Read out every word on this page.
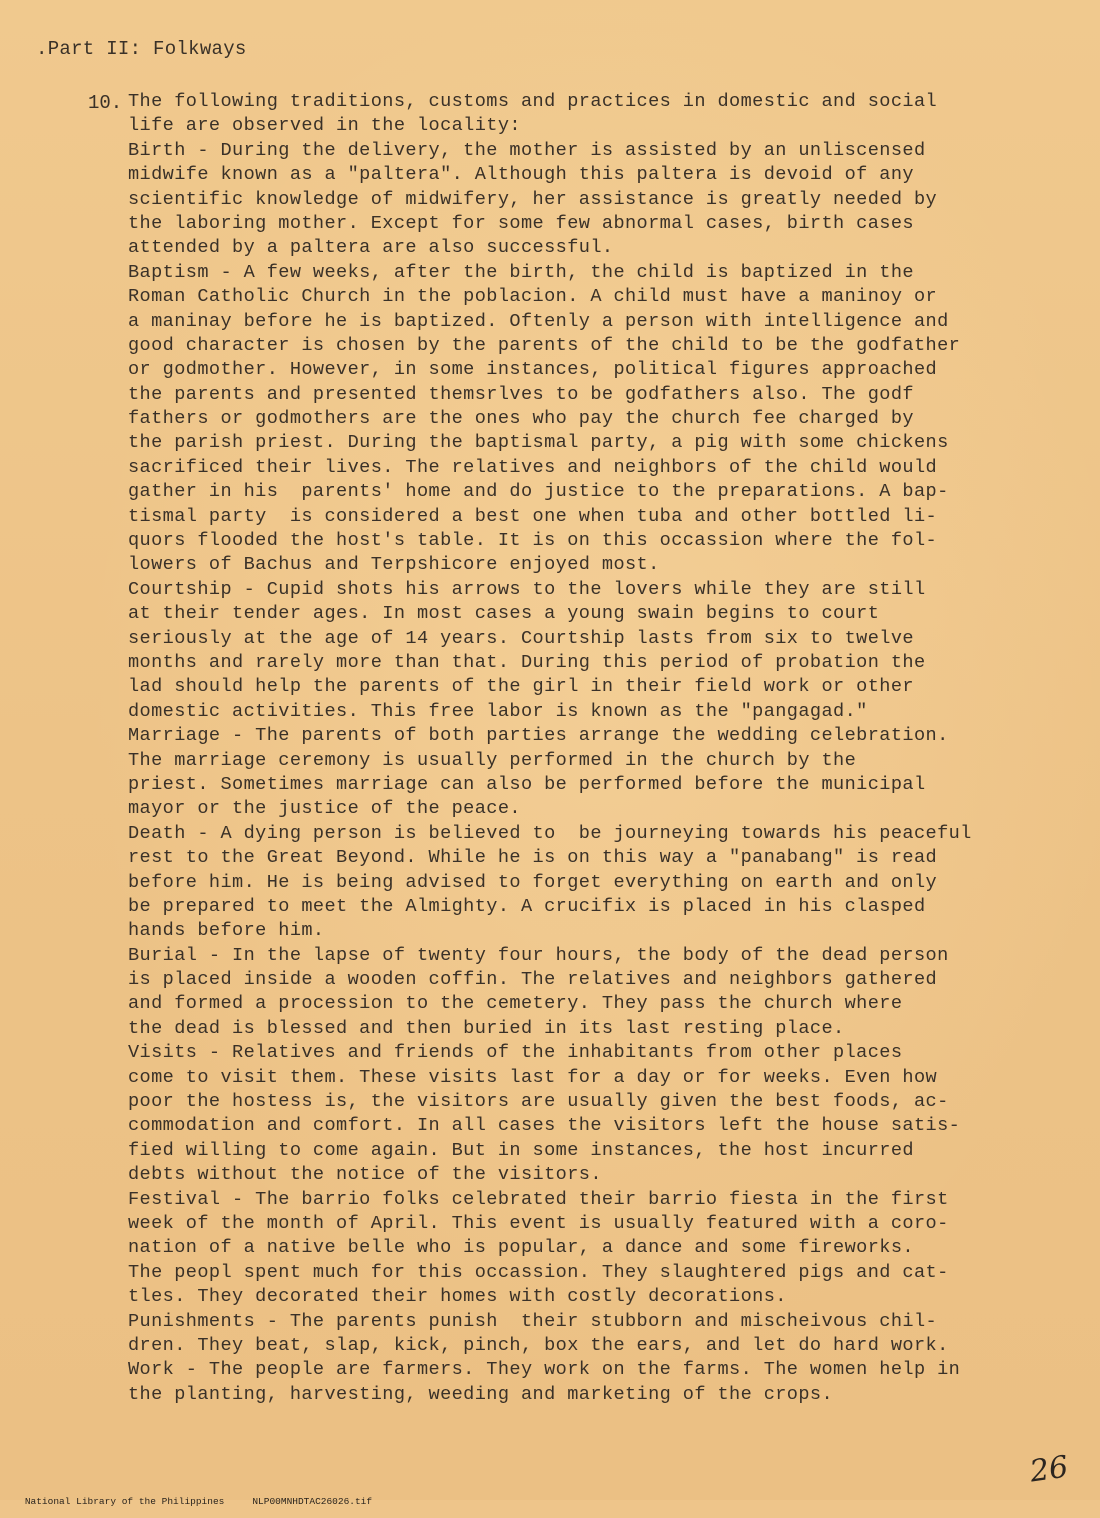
.Part II: Folkways
10. The following traditions, customs and practices in domestic and social
life are observed in the locality:
Birth - During the delivery, the mother is assisted by an unliscensed
midwife known as a "paltera". Although this paltera is devoid of any
scientific knowledge of midwifery, her assistance is greatly needed by
the laboring mother. Except for some few abnormal cases, birth cases
attended by a paltera are also successful.
Baptism - A few weeks, after the birth, the child is baptized in the
Roman Catholic Church in the poblacion. A child must have a maninoy or
a maninay before he is baptized. Oftenly a person with intelligence and
good character is chosen by the parents of the child to be the godfather
or godmother. However, in some instances, political figures approached
the parents and presented themsrlves to be godfathers also. The godf
fathers or godmothers are the ones who pay the church fee charged by
the parish priest. During the baptismal party, a pig with some chickens
sacrificed their lives. The relatives and neighbors of the child would
gather in his  parents' home and do justice to the preparations. A bap-
tismal party  is considered a best one when tuba and other bottled li-
quors flooded the host's table. It is on this occassion where the fol-
lowers of Bachus and Terpshicore enjoyed most.
Courtship - Cupid shots his arrows to the lovers while they are still
at their tender ages. In most cases a young swain begins to court
seriously at the age of 14 years. Courtship lasts from six to twelve
months and rarely more than that. During this period of probation the
lad should help the parents of the girl in their field work or other
domestic activities. This free labor is known as the "pangagad."
Marriage - The parents of both parties arrange the wedding celebration.
The marriage ceremony is usually performed in the church by the
priest. Sometimes marriage can also be performed before the municipal
mayor or the justice of the peace.
Death - A dying person is believed to  be journeying towards his peaceful
rest to the Great Beyond. While he is on this way a "panabang" is read
before him. He is being advised to forget everything on earth and only
be prepared to meet the Almighty. A crucifix is placed in his clasped
hands before him.
Burial - In the lapse of twenty four hours, the body of the dead person
is placed inside a wooden coffin. The relatives and neighbors gathered
and formed a procession to the cemetery. They pass the church where
the dead is blessed and then buried in its last resting place.
Visits - Relatives and friends of the inhabitants from other places
come to visit them. These visits last for a day or for weeks. Even how
poor the hostess is, the visitors are usually given the best foods, ac-
commodation and comfort. In all cases the visitors left the house satis-
fied willing to come again. But in some instances, the host incurred
debts without the notice of the visitors.
Festival - The barrio folks celebrated their barrio fiesta in the first
week of the month of April. This event is usually featured with a coro-
nation of a native belle who is popular, a dance and some fireworks.
The peopl spent much for this occassion. They slaughtered pigs and cat-
tles. They decorated their homes with costly decorations.
Punishments - The parents punish  their stubborn and mischeivous chil-
dren. They beat, slap, kick, pinch, box the ears, and let do hard work.
Work - The people are farmers. They work on the farms. The women help in
the planting, harvesting, weeding and marketing of the crops.
26

National Library of the Philippines	NLP00MNHDTAC26026.tif
